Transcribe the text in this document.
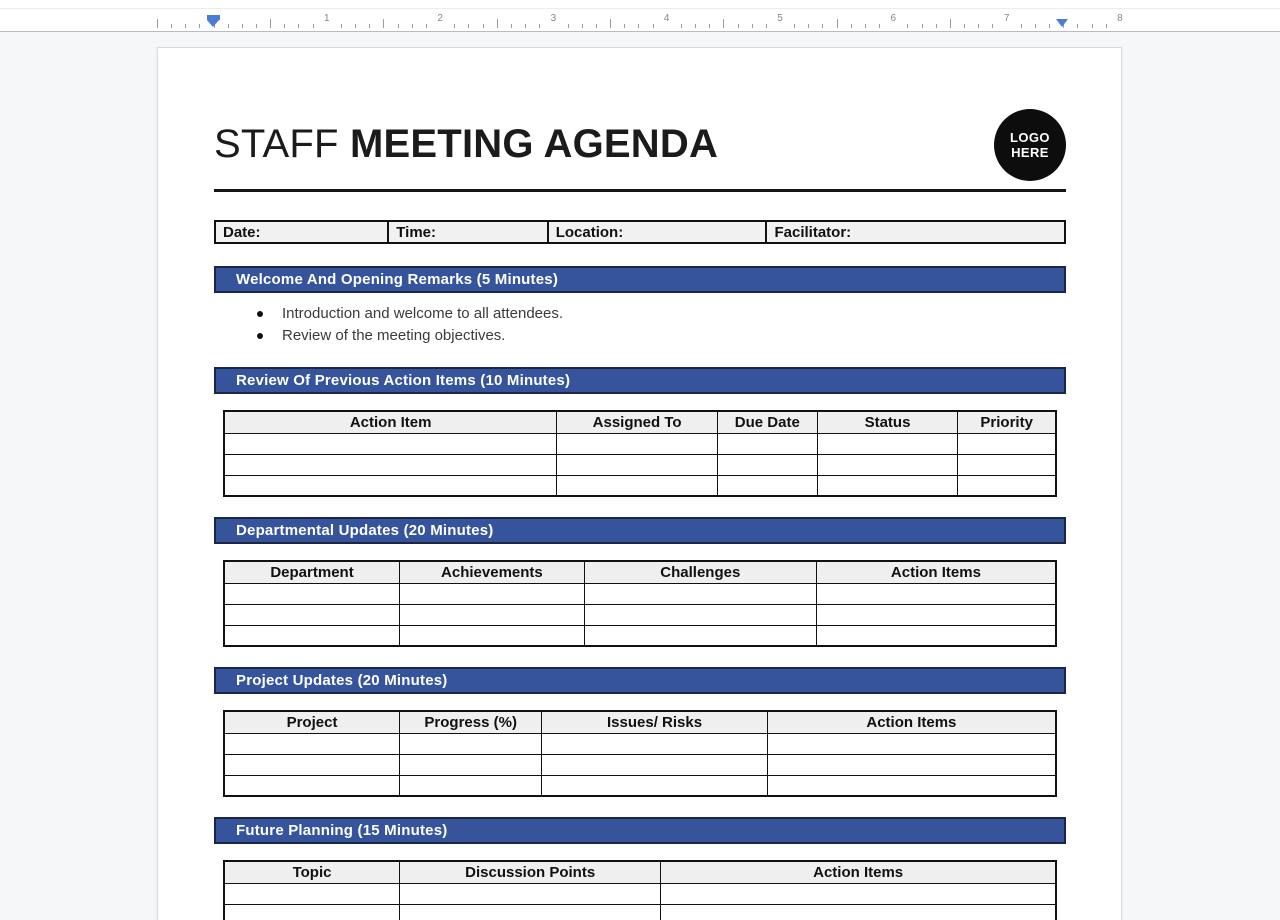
1	2	3	4	5	6	7	8
STAFF MEETING AGENDA	LOGO
HERE
Date:	Time:	Location:	Facilitator:
Welcome And Opening Remarks (5 Minutes)
Introduction and welcome to all attendees.
Review of the meeting objectives.
Review Of Previous Action Items (10 Minutes)
Action Item	Assigned To	Due Date	Status	Priority

Departmental Updates (20 Minutes)
Department	Achievements	Challenges	Action Items

Project Updates (20 Minutes)
Project	Progress (%)	Issues/ Risks	Action Items

Future Planning (15 Minutes)
Topic	Discussion Points	Action Items
